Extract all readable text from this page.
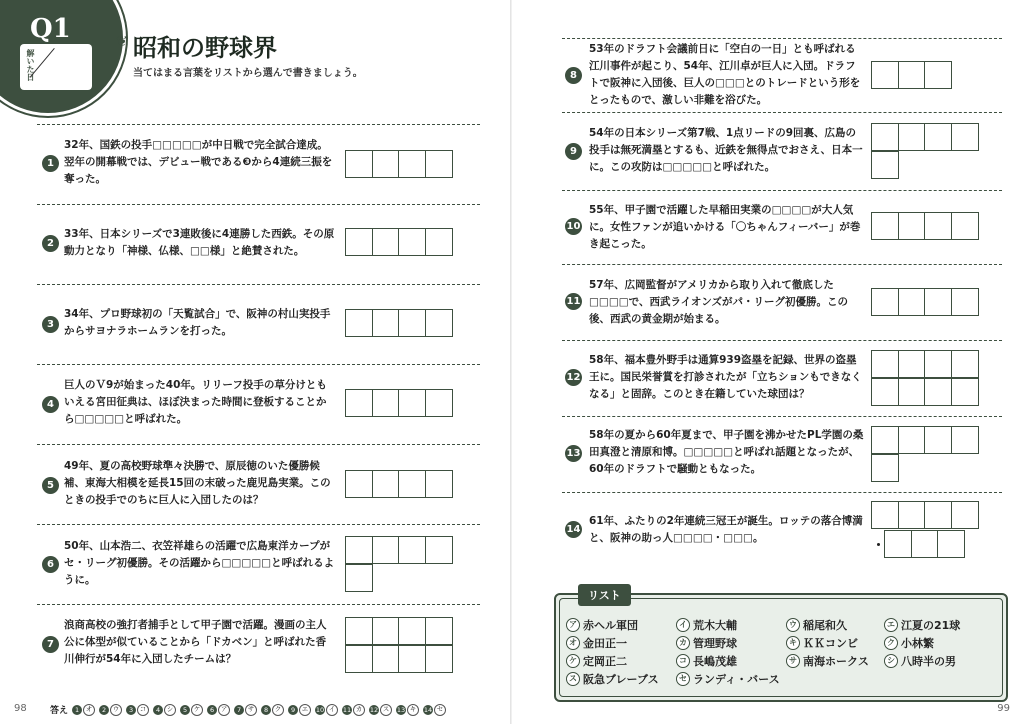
Q1
解いた日
❦ 昭和の野球界
当てはまる言葉をリストから選んで書きましょう。
1
32年、国鉄の投手□□□□□が中日戦で完全試合達成。翌年の開幕戦では、デビュー戦である❸から4連続三振を奪った。
2
33年、日本シリーズで3連敗後に4連勝した西鉄。その原動力となり「神様、仏様、□□様」と絶賛された。
3
34年、プロ野球初の「天覧試合」で、阪神の村山実投手からサヨナラホームランを打った。
4
巨人のＶ9が始まった40年。リリーフ投手の草分けともいえる宮田征典は、ほぼ決まった時間に登板することから□□□□□と呼ばれた。
5
49年、夏の高校野球準々決勝で、原辰徳のいた優勝候補、東海大相模を延長15回の末破った鹿児島実業。このときの投手でのちに巨人に入団したのは？
6
50年、山本浩二、衣笠祥雄らの活躍で広島東洋カープがセ・リーグ初優勝。その活躍から□□□□□と呼ばれるように。
7
浪商高校の強打者捕手として甲子園で活躍。漫画の主人公に体型が似ていることから「ドカベン」と呼ばれた香川伸行が54年に入団したチームは？
98	答え	1	オ	2	ウ	3	コ	4	シ	5	ケ	6	ア	7	サ	8	ク	9	エ	10 イ	11 カ	12 ス	13 キ	14 セ
8
53年のドラフト会議前日に「空白の一日」とも呼ばれる江川事件が起こり、54年、江川卓が巨人に入団。ドラフトで阪神に入団後、巨人の□□□とのトレードという形をとったもので、激しい非難を浴びた。
9
54年の日本シリーズ第7戦、1点リードの9回裏、広島の投手は無死満塁とするも、近鉄を無得点でおさえ、日本一に。この攻防は□□□□□と呼ばれた。
10
55年、甲子園で活躍した早稲田実業の□□□□が大人気に。女性ファンが追いかける「〇ちゃんフィーバー」が巻き起こった。
11
57年、広岡監督がアメリカから取り入れて徹底した□□□□で、西武ライオンズがパ・リーグ初優勝。この後、西武の黄金期が始まる。
12
58年、福本豊外野手は通算939盗塁を記録、世界の盗塁王に。国民栄誉賞を打診されたが「立ちションもできなくなる」と固辞。このとき在籍していた球団は？
13
58年の夏から60年夏まで、甲子園を沸かせたPL学園の桑田真澄と清原和博。□□□□□と呼ばれ話題となったが、60年のドラフトで騒動ともなった。
14
61年、ふたりの2年連続三冠王が誕生。ロッテの落合博満と、阪神の助っ人□□□□・□□□。
99
リスト
ア 赤ヘル軍団	イ 荒木大輔	ウ 稲尾和久	エ 江夏の21球
オ 金田正一	カ 管理野球	キ ＫＫコンビ	ク 小林繁
ケ 定岡正二	コ 長嶋茂雄	サ 南海ホークス	シ 八時半の男
ス 阪急ブレーブス	セ ランディ・バース
